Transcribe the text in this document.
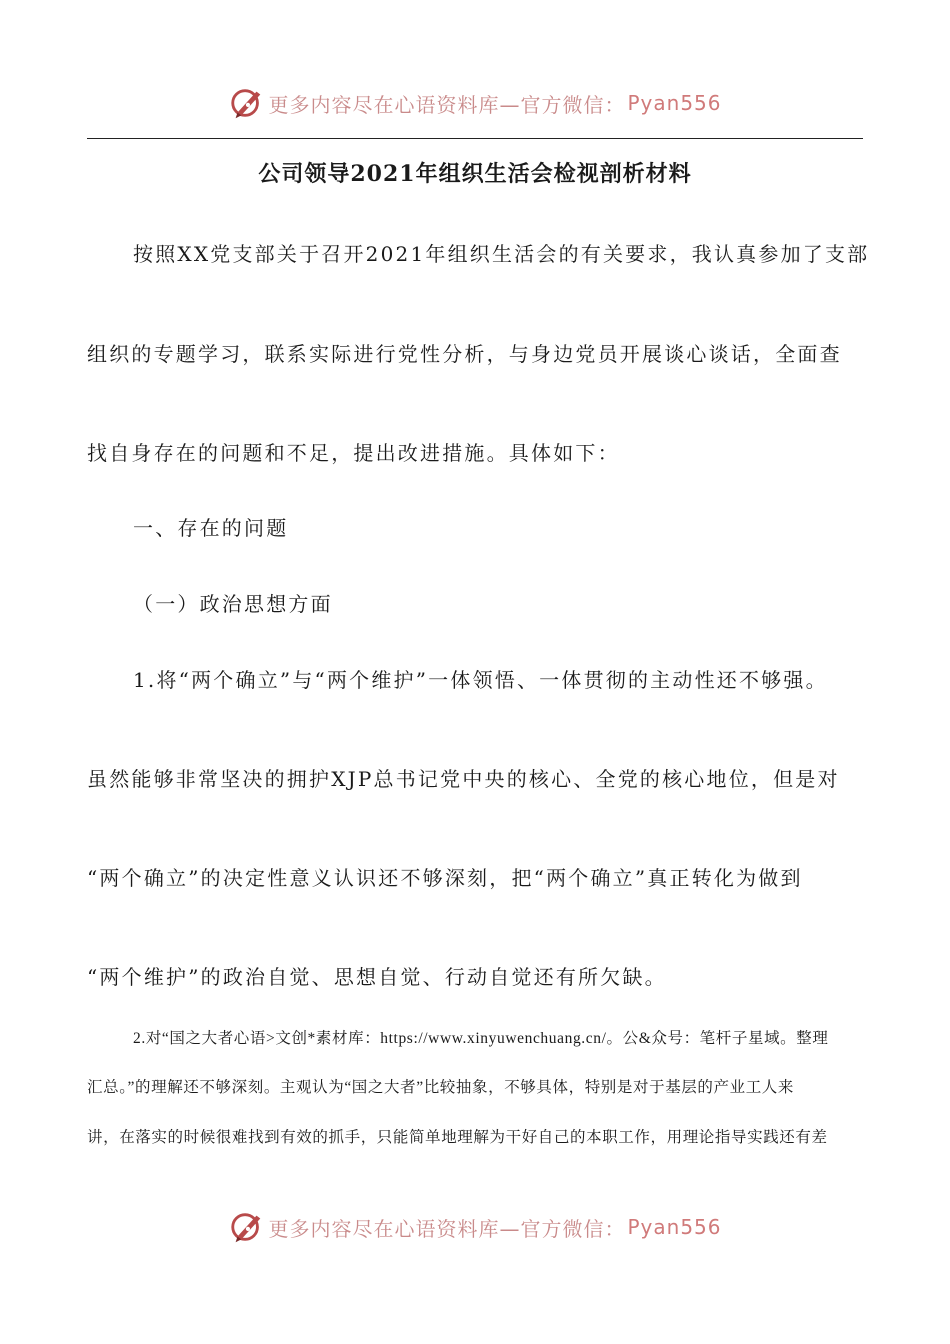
更多内容尽在心语资料库—官方微信： Pyan556
公司领导2021年组织生活会检视剖析材料
按照XX党支部关于召开2021年组织生活会的有关要求，我认真参加了支部
组织的专题学习，联系实际进行党性分析，与身边党员开展谈心谈话，全面查
找自身存在的问题和不足，提出改进措施。具体如下：
一、存在的问题
（一）政治思想方面
1.将“两个确立”与“两个维护”一体领悟、一体贯彻的主动性还不够强。
虽然能够非常坚决的拥护XJP总书记党中央的核心、全党的核心地位，但是对
“两个确立”的决定性意义认识还不够深刻，把“两个确立”真正转化为做到
“两个维护”的政治自觉、思想自觉、行动自觉还有所欠缺。
2.对“国之大者心语>文创*素材库：https://www.xinyuwenchuang.cn/。公&众号：笔杆子星域。整理
汇总。”的理解还不够深刻。主观认为“国之大者”比较抽象，不够具体，特别是对于基层的产业工人来
讲，在落实的时候很难找到有效的抓手，只能简单地理解为干好自己的本职工作，用理论指导实践还有差
更多内容尽在心语资料库—官方微信： Pyan556
